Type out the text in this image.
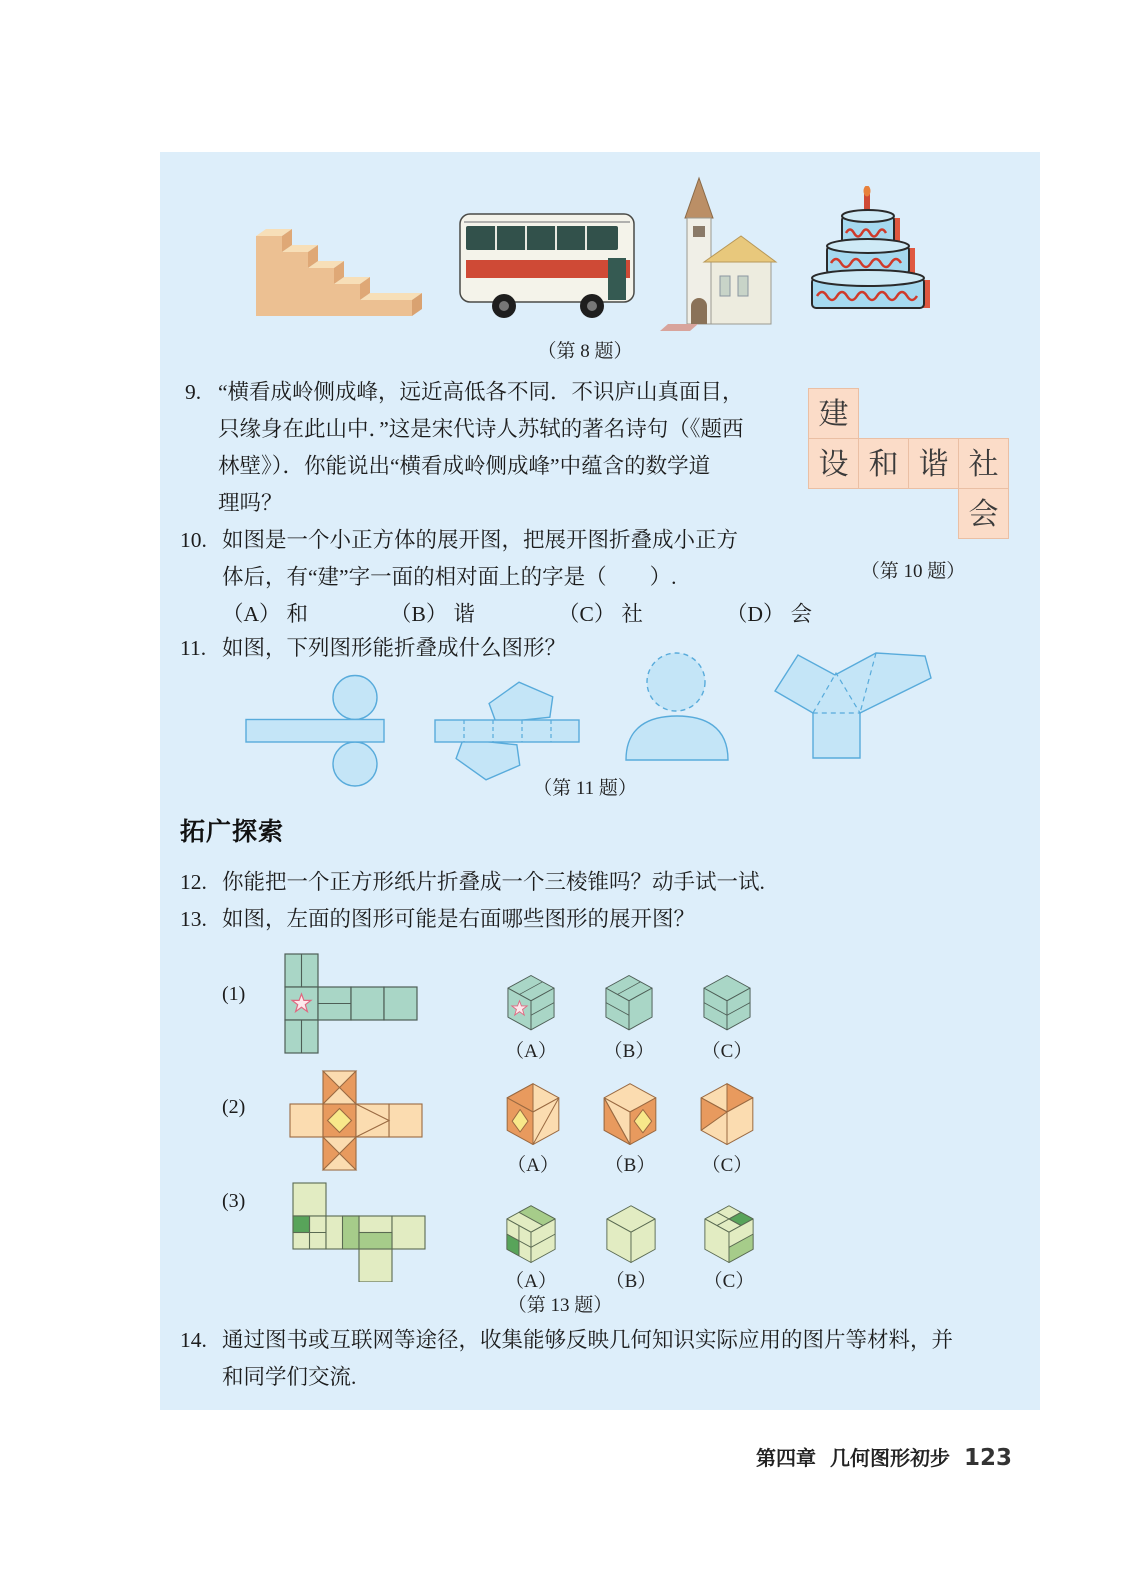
（第 8 题）
9. “横看成岭侧成峰，远近高低各不同．不识庐山真面目，
只缘身在此山中．”这是宋代诗人苏轼的著名诗句（《题西
林壁》）．你能说出“横看成岭侧成峰”中蕴含的数学道
理吗？
10. 如图是一个小正方体的展开图，把展开图折叠成小正方
体后，有“建”字一面的相对面上的字是（　　）.
（A） 和	（B） 谐	（C） 社	（D） 会
建
设 和 谐 社
会
（第 10 题）
11. 如图，下列图形能折叠成什么图形？
（第 11 题）
拓广探索
12. 你能把一个正方形纸片折叠成一个三棱锥吗？动手试一试.
13. 如图，左面的图形可能是右面哪些图形的展开图？
(1)
（A） （B） （C）
(2)
（A） （B） （C）
(3)
（A）	（B） （C）
（第 13 题）
14. 通过图书或互联网等途径，收集能够反映几何知识实际应用的图片等材料，并
和同学们交流.
第四章 几何图形初步 123
